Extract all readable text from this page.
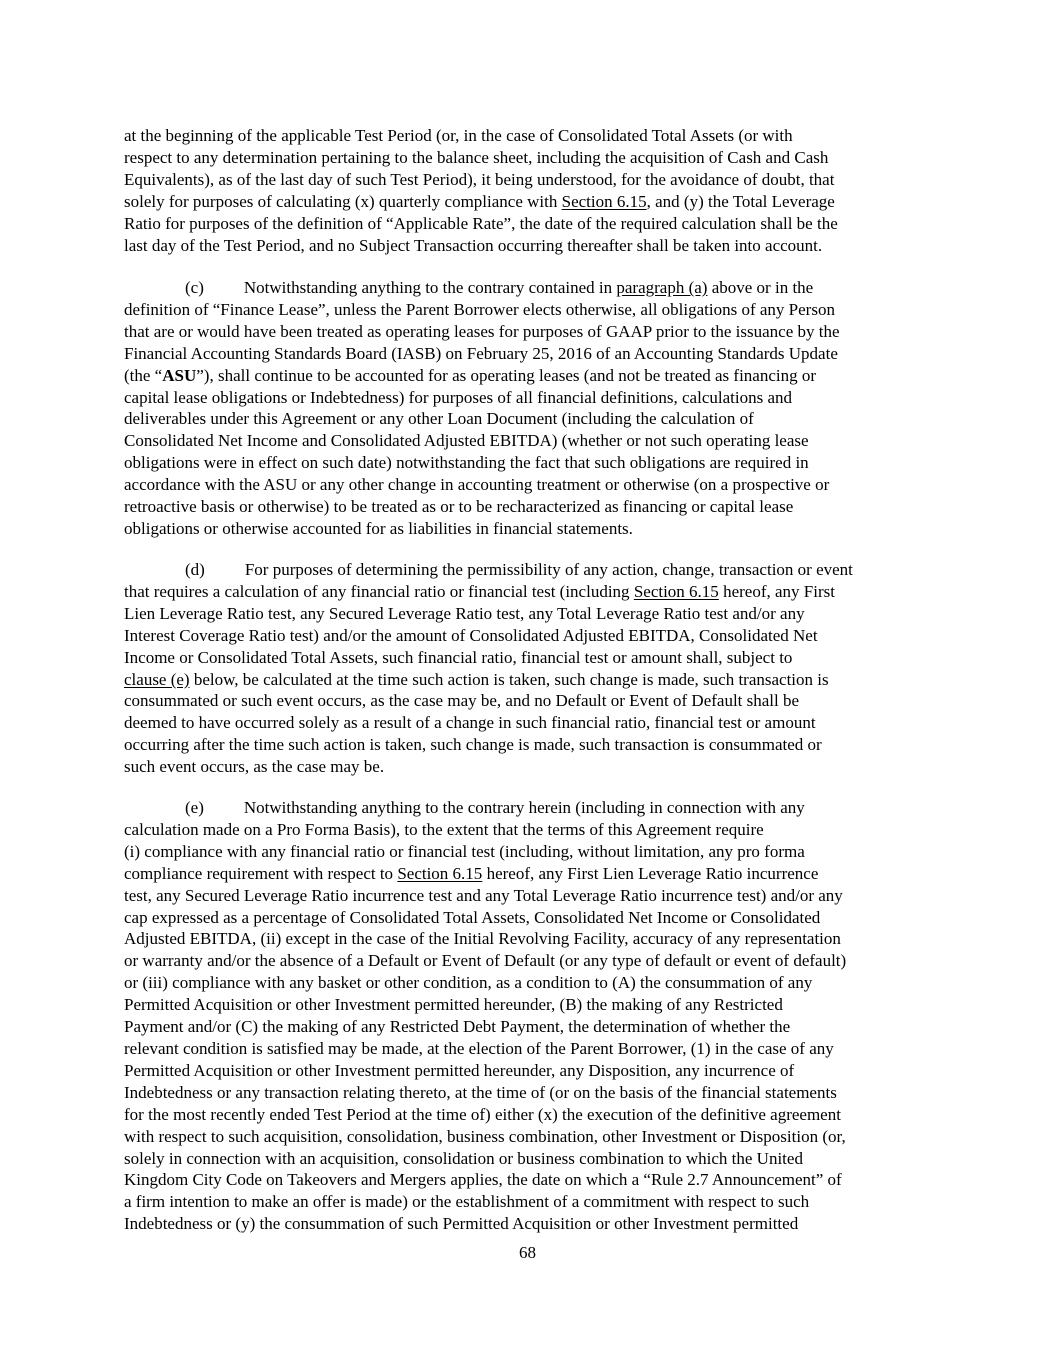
at the beginning of the applicable Test Period (or, in the case of Consolidated Total Assets (or with
respect to any determination pertaining to the balance sheet, including the acquisition of Cash and Cash
Equivalents), as of the last day of such Test Period), it being understood, for the avoidance of doubt, that
solely for purposes of calculating (x) quarterly compliance with Section 6.15, and (y) the Total Leverage
Ratio for purposes of the definition of “Applicable Rate”, the date of the required calculation shall be the
last day of the Test Period, and no Subject Transaction occurring thereafter shall be taken into account.
(c) Notwithstanding anything to the contrary contained in paragraph (a) above or in the
definition of “Finance Lease”, unless the Parent Borrower elects otherwise, all obligations of any Person
that are or would have been treated as operating leases for purposes of GAAP prior to the issuance by the
Financial Accounting Standards Board (IASB) on February 25, 2016 of an Accounting Standards Update
(the “ASU”), shall continue to be accounted for as operating leases (and not be treated as financing or
capital lease obligations or Indebtedness) for purposes of all financial definitions, calculations and
deliverables under this Agreement or any other Loan Document (including the calculation of
Consolidated Net Income and Consolidated Adjusted EBITDA) (whether or not such operating lease
obligations were in effect on such date) notwithstanding the fact that such obligations are required in
accordance with the ASU or any other change in accounting treatment or otherwise (on a prospective or
retroactive basis or otherwise) to be treated as or to be recharacterized as financing or capital lease
obligations or otherwise accounted for as liabilities in financial statements.
(d) For purposes of determining the permissibility of any action, change, transaction or event
that requires a calculation of any financial ratio or financial test (including Section 6.15 hereof, any First
Lien Leverage Ratio test, any Secured Leverage Ratio test, any Total Leverage Ratio test and/or any
Interest Coverage Ratio test) and/or the amount of Consolidated Adjusted EBITDA, Consolidated Net
Income or Consolidated Total Assets, such financial ratio, financial test or amount shall, subject to
clause (e) below, be calculated at the time such action is taken, such change is made, such transaction is
consummated or such event occurs, as the case may be, and no Default or Event of Default shall be
deemed to have occurred solely as a result of a change in such financial ratio, financial test or amount
occurring after the time such action is taken, such change is made, such transaction is consummated or
such event occurs, as the case may be.
(e) Notwithstanding anything to the contrary herein (including in connection with any
calculation made on a Pro Forma Basis), to the extent that the terms of this Agreement require
(i) compliance with any financial ratio or financial test (including, without limitation, any pro forma
compliance requirement with respect to Section 6.15 hereof, any First Lien Leverage Ratio incurrence
test, any Secured Leverage Ratio incurrence test and any Total Leverage Ratio incurrence test) and/or any
cap expressed as a percentage of Consolidated Total Assets, Consolidated Net Income or Consolidated
Adjusted EBITDA, (ii) except in the case of the Initial Revolving Facility, accuracy of any representation
or warranty and/or the absence of a Default or Event of Default (or any type of default or event of default)
or (iii) compliance with any basket or other condition, as a condition to (A) the consummation of any
Permitted Acquisition or other Investment permitted hereunder, (B) the making of any Restricted
Payment and/or (C) the making of any Restricted Debt Payment, the determination of whether the
relevant condition is satisfied may be made, at the election of the Parent Borrower, (1) in the case of any
Permitted Acquisition or other Investment permitted hereunder, any Disposition, any incurrence of
Indebtedness or any transaction relating thereto, at the time of (or on the basis of the financial statements
for the most recently ended Test Period at the time of) either (x) the execution of the definitive agreement
with respect to such acquisition, consolidation, business combination, other Investment or Disposition (or,
solely in connection with an acquisition, consolidation or business combination to which the United
Kingdom City Code on Takeovers and Mergers applies, the date on which a “Rule 2.7 Announcement” of
a firm intention to make an offer is made) or the establishment of a commitment with respect to such
Indebtedness or (y) the consummation of such Permitted Acquisition or other Investment permitted
68
